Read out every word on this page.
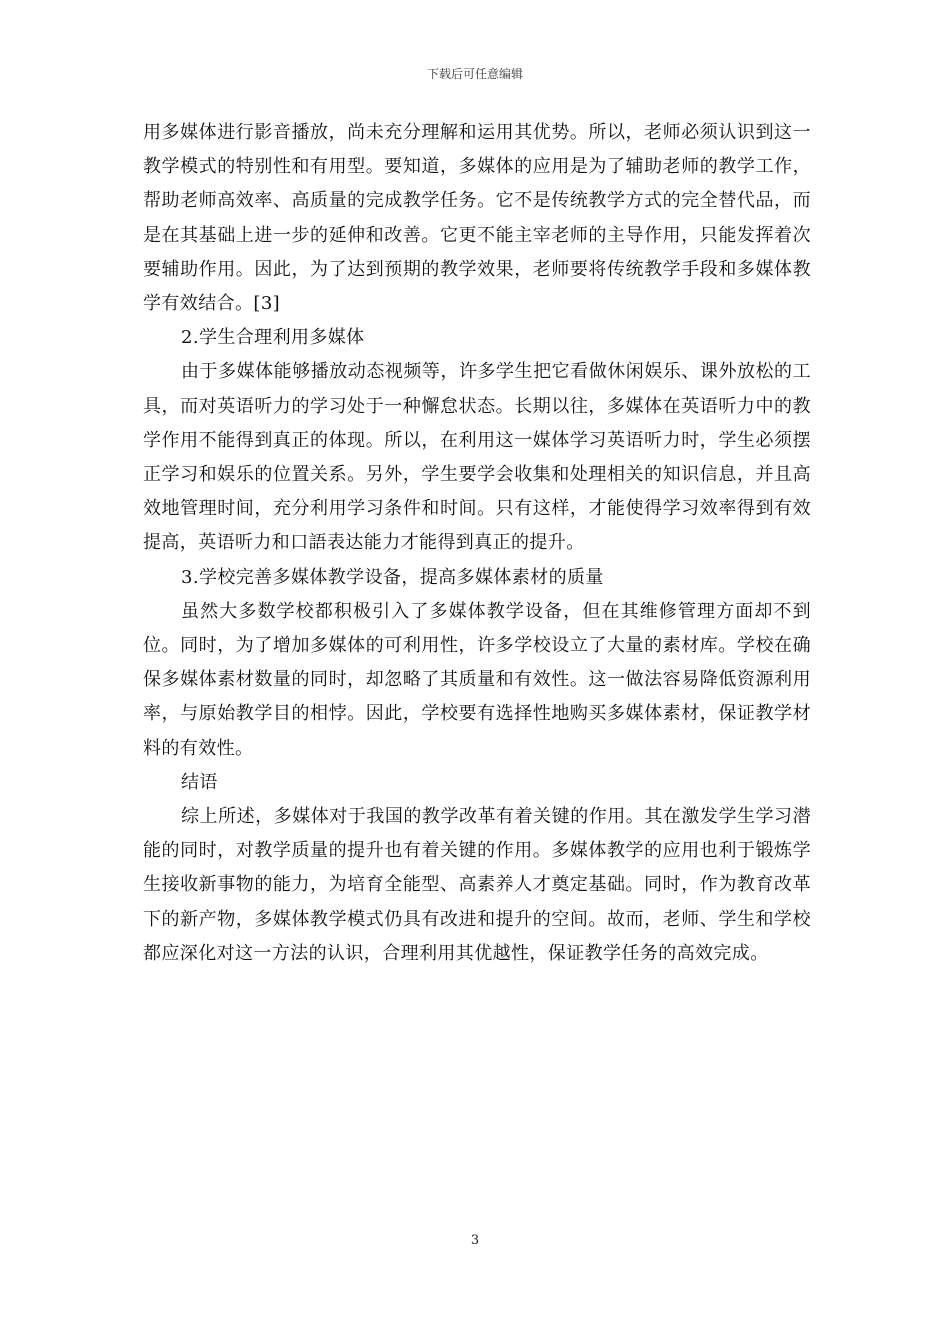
下载后可任意编辑

用多媒体进行影音播放，尚未充分理解和运用其优势。所以，老师必须认识到这一教学模式的特别性和有用型。要知道，多媒体的应用是为了辅助老师的教学工作，帮助老师高效率、高质量的完成教学任务。它不是传统教学方式的完全替代品，而是在其基础上进一步的延伸和改善。它更不能主宰老师的主导作用，只能发挥着次要辅助作用。因此，为了达到预期的教学效果，老师要将传统教学手段和多媒体教学有效结合。[3]

2.学生合理利用多媒体

由于多媒体能够播放动态视频等，许多学生把它看做休闲娱乐、课外放松的工具，而对英语听力的学习处于一种懈怠状态。长期以往，多媒体在英语听力中的教学作用不能得到真正的体现。所以，在利用这一媒体学习英语听力时，学生必须摆正学习和娱乐的位置关系。另外，学生要学会收集和处理相关的知识信息，并且高效地管理时间，充分利用学习条件和时间。只有这样，才能使得学习效率得到有效提高，英语听力和口語表达能力才能得到真正的提升。

3.学校完善多媒体教学设备，提高多媒体素材的质量

虽然大多数学校都积极引入了多媒体教学设备，但在其维修管理方面却不到位。同时，为了增加多媒体的可利用性，许多学校设立了大量的素材库。学校在确保多媒体素材数量的同时，却忽略了其质量和有效性。这一做法容易降低资源利用率，与原始教学目的相悖。因此，学校要有选择性地购买多媒体素材，保证教学材料的有效性。

结语

综上所述，多媒体对于我国的教学改革有着关键的作用。其在激发学生学习潜能的同时，对教学质量的提升也有着关键的作用。多媒体教学的应用也利于锻炼学生接收新事物的能力，为培育全能型、高素养人才奠定基础。同时，作为教育改革下的新产物，多媒体教学模式仍具有改进和提升的空间。故而，老师、学生和学校都应深化对这一方法的认识，合理利用其优越性，保证教学任务的高效完成。

3
